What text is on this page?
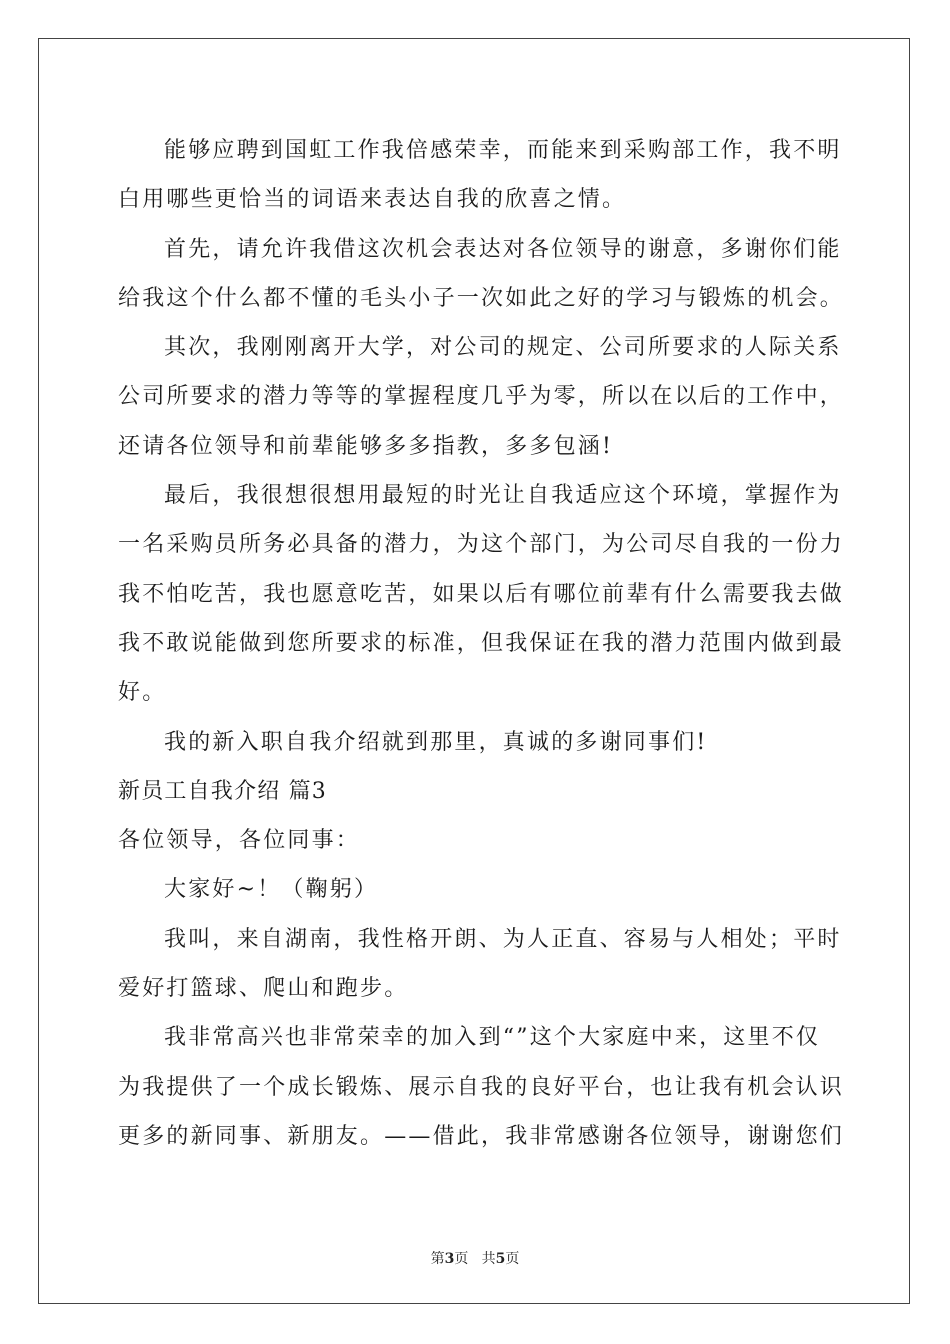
能够应聘到国虹工作我倍感荣幸，而能来到采购部工作，我不明
白用哪些更恰当的词语来表达自我的欣喜之情。
首先，请允许我借这次机会表达对各位领导的谢意，多谢你们能
给我这个什么都不懂的毛头小子一次如此之好的学习与锻炼的机会。
其次，我刚刚离开大学，对公司的规定、公司所要求的人际关系
公司所要求的潜力等等的掌握程度几乎为零，所以在以后的工作中，
还请各位领导和前辈能够多多指教，多多包涵!
最后，我很想很想用最短的时光让自我适应这个环境，掌握作为
一名采购员所务必具备的潜力，为这个部门，为公司尽自我的一份力
我不怕吃苦，我也愿意吃苦，如果以后有哪位前辈有什么需要我去做
我不敢说能做到您所要求的标准，但我保证在我的潜力范围内做到最
好。
我的新入职自我介绍就到那里，真诚的多谢同事们!
新员工自我介绍 篇3
各位领导，各位同事：
大家好~！（鞠躬）
我叫，来自湖南，我性格开朗、为人正直、容易与人相处；平时
爱好打篮球、爬山和跑步。
我非常高兴也非常荣幸的加入到“”这个大家庭中来，这里不仅
为我提供了一个成长锻炼、展示自我的良好平台，也让我有机会认识
更多的新同事、新朋友。——借此，我非常感谢各位领导，谢谢您们
第3页 共5页
